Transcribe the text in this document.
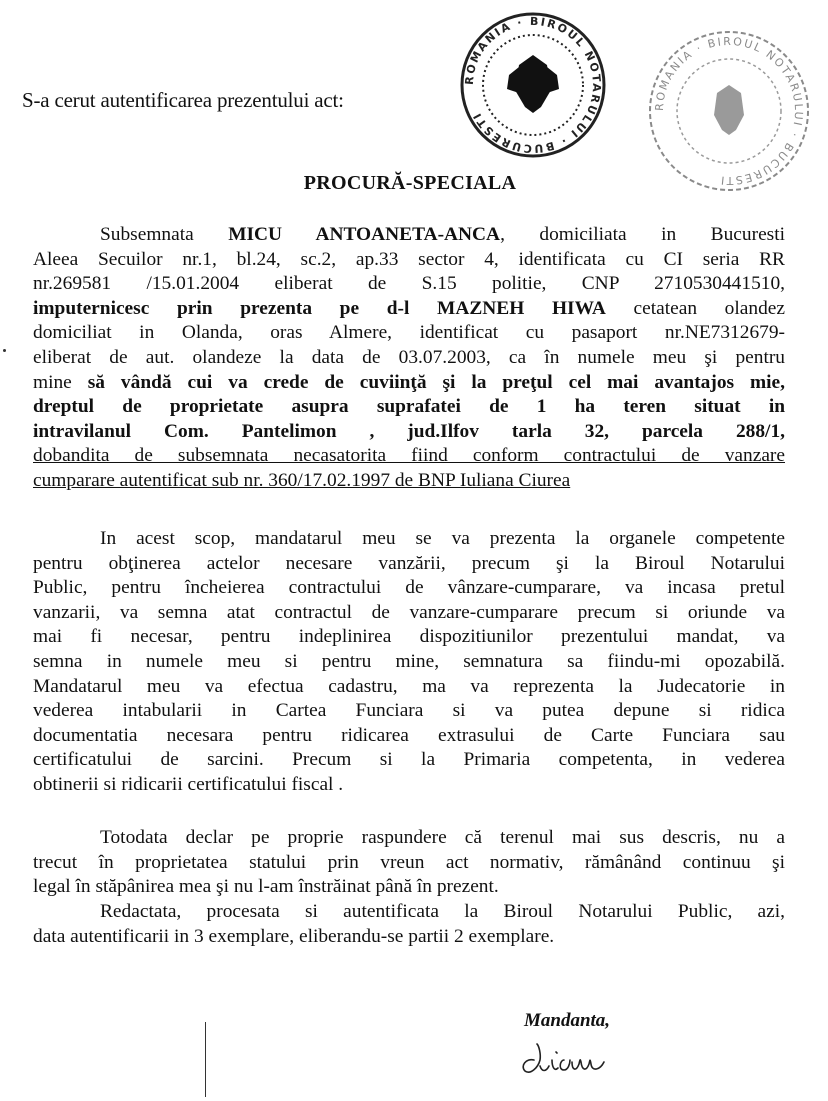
ROMANIA · BIROUL NOTARULUI · BUCURESTI
ROMANIA · BIROUL NOTARULUI · BUCURESTI
S-a cerut autentificarea prezentului act:
PROCURĂ-SPECIALA
Subsemnata MICU ANTOANETA-ANCA, domiciliata in Bucuresti
Aleea Secuilor nr.1, bl.24, sc.2, ap.33 sector 4, identificata cu CI seria RR
nr.269581 /15.01.2004 eliberat de S.15 politie, CNP 2710530441510,
imputernicesc prin prezenta pe d-l MAZNEH HIWA cetatean olandez
domiciliat in Olanda, oras Almere, identificat cu pasaport nr.NE7312679-
eliberat de aut. olandeze la data de 03.07.2003, ca în numele meu şi pentru
mine să vândă cui va crede de cuviinţă şi la preţul cel mai avantajos mie,
dreptul de proprietate asupra suprafatei de 1 ha teren situat in
intravilanul Com. Pantelimon , jud.Ilfov tarla 32, parcela 288/1,
dobandita de subsemnata necasatorita fiind conform contractului de vanzare
cumparare autentificat sub nr. 360/17.02.1997 de BNP Iuliana Ciurea
In acest scop, mandatarul meu se va prezenta la organele competente
pentru obţinerea actelor necesare vanzării, precum şi la Biroul Notarului
Public, pentru încheierea contractului de vânzare-cumparare, va incasa pretul
vanzarii, va semna atat contractul de vanzare-cumparare precum si oriunde va
mai fi necesar, pentru indeplinirea dispozitiunilor prezentului mandat, va
semna in numele meu si pentru mine, semnatura sa fiindu-mi opozabilă.
Mandatarul meu va efectua cadastru, ma va reprezenta la Judecatorie in
vederea intabularii in Cartea Funciara si va putea depune si ridica
documentatia necesara pentru ridicarea extrasului de Carte Funciara sau
certificatului de sarcini. Precum si la Primaria competenta, in vederea
obtinerii si ridicarii certificatului fiscal .
Totodata declar pe proprie raspundere că terenul mai sus descris, nu a
trecut în proprietatea statului prin vreun act normativ, rămânând continuu şi
legal în stăpânirea mea şi nu l-am înstrăinat până în prezent.
Redactata, procesata si autentificata la Biroul Notarului Public, azi,
data autentificarii in 3 exemplare, eliberandu-se partii 2 exemplare.
Mandanta,
